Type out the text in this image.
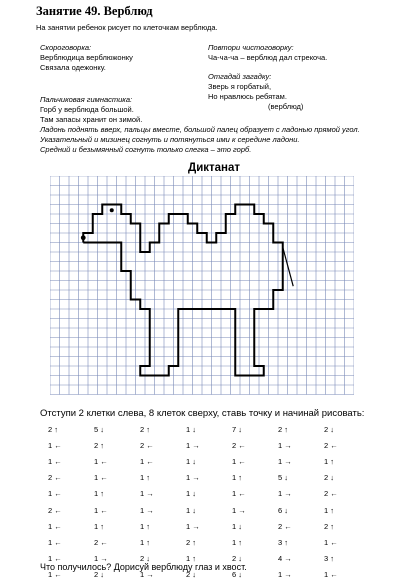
Занятие 49. Верблюд
На занятии ребенок рисует по клеточкам верблюда.
Скороговорка:
Верблюдица верблюжонку
Связала одежонку.
Повтори чистоговорку:
Ча-ча-ча – верблюд дал стрекоча.
Отгадай загадку:
Зверь я горбатый,
Но нравлюсь ребятам.
(верблюд)
Пальчиковая гимнастика:
Горб у верблюда большой.
Там запасы хранит он зимой.
Ладонь поднять вверх, пальцы вместе, большой палец образует с ладонью прямой угол.
Указательный и мизинец согнуть и потянуться ими к середине ладони.
Средний и безымянный согнуть только слегка – это горб.
Диктанат
Отступи 2 клетки слева, 8 клеток сверху, ставь точку и начинай рисовать:
2 ↑	5 ↓	2 ↑	1 ↓	7 ↓	2 ↑	2 ↓
1 ←	2 ↑	2 ←	1 →	2 ←	1 →	2 ←
1 ←	1 ←	1 ←	1 ↓	1 ←	1 →	1 ↑
2 ←	1 ←	1 ↑	1 →	1 ↑	5 ↓	2 ↓
1 ←	1 ↑	1 →	1 ↓	1 ←	1 →	2 ←
2 ←	1 ←	1 →	1 ↓	1 →	6 ↓	1 ↑
1 ←	1 ↑	1 ↑	1 →	1 ↓	2 ←	2 ↑
1 ←	2 ←	1 ↑	2 ↑	1 ↑	3 ↑	1 ←
1 ←	1 →	2 ↓	1 ↑	2 ↓	4 →	3 ↑
1 ←	2 ↓	1 →	2 ↓	6 ↓	1 →	1 ←
Что получилось? Дорисуй верблюду глаз и хвост.
